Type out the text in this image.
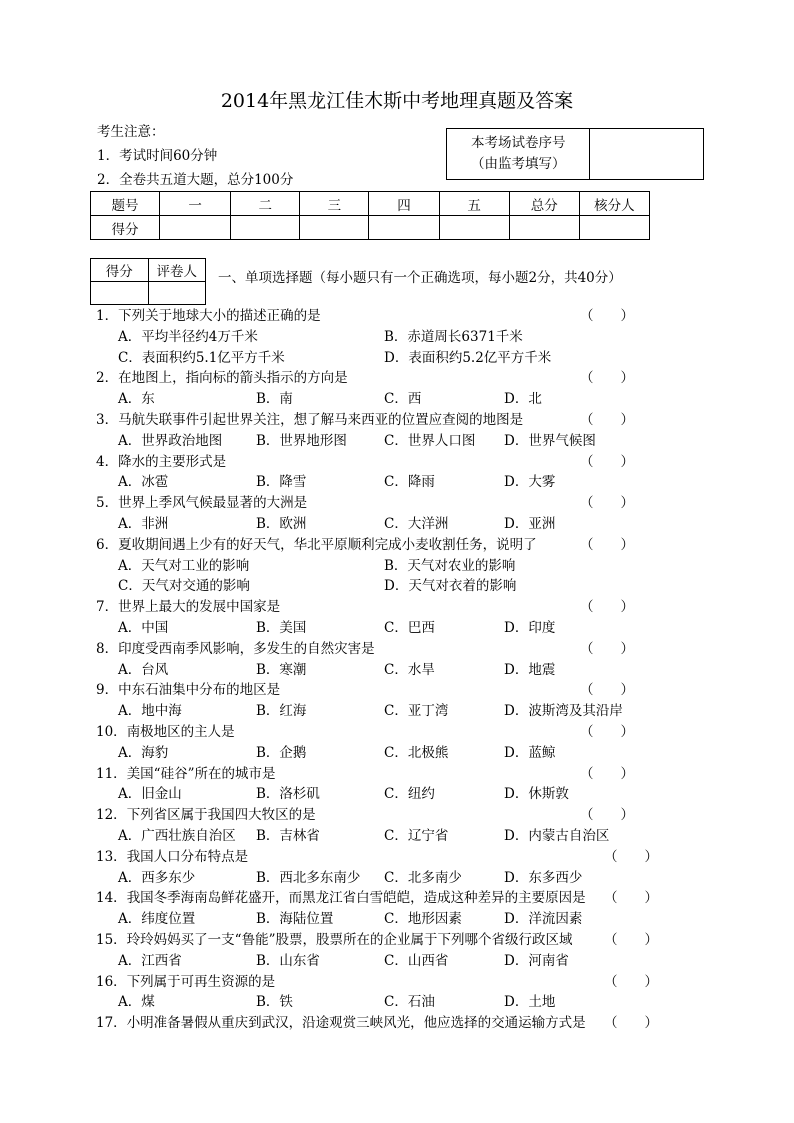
2014年黑龙江佳木斯中考地理真题及答案
考生注意：
1．考试时间60分钟
2．全卷共五道大题，总分100分
本考场试卷序号
（由监考填写）

题号	一	二	三	四	五	总分	核分人
得分							
得分	评卷人
	一、单项选择题（每小题只有一个正确选项，每小题2分，共40分）
1．下列关于地球大小的描述正确的是	（　　）
A．平均半径约4万千米	B．赤道周长6371千米
C．表面积约5.1亿平方千米	D．表面积约5.2亿平方千米
2．在地图上，指向标的箭头指示的方向是	（　　）
A．东	B．南	C．西	D．北
3．马航失联事件引起世界关注，想了解马来西亚的位置应查阅的地图是	（　　）
A．世界政治地图	B．世界地形图	C．世界人口图 D．世界气候图
4．降水的主要形式是	（　　）
A．冰雹	B．降雪	C．降雨	D．大雾
5．世界上季风气候最显著的大洲是	（　　）
A．非洲	B．欧洲	C．大洋洲	D．亚洲
6．夏收期间遇上少有的好天气，华北平原顺利完成小麦收割任务，说明了	（　　）
A．天气对工业的影响	B．天气对农业的影响
C．天气对交通的影响	D．天气对衣着的影响
7．世界上最大的发展中国家是	（　　）
A．中国	B．美国	C．巴西	D．印度
8．印度受西南季风影响，多发生的自然灾害是	（　　）
A．台风	B．寒潮	C．水旱	D．地震
9．中东石油集中分布的地区是	（　　）
A．地中海	B．红海	C．亚丁湾	D．波斯湾及其沿岸
10．南极地区的主人是	（　　）
A．海豹	B．企鹅	C．北极熊	D．蓝鲸
11．美国“硅谷”所在的城市是	（　　）
A．旧金山	B．洛杉矶	C．纽约	D．休斯敦
12．下列省区属于我国四大牧区的是	（　　）
A．广西壮族自治区 B．吉林省	C．辽宁省	D．内蒙古自治区
13．我国人口分布特点是	（　　）
A．西多东少	B．西北多东南少 C．北多南少	D．东多西少
14．我国冬季海南岛鲜花盛开，而黑龙江省白雪皑皑，造成这种差异的主要原因是 （　　）
A．纬度位置	B．海陆位置	C．地形因素	D．洋流因素
15．玲玲妈妈买了一支“鲁能”股票，股票所在的企业属于下列哪个省级行政区域 （　　）
A．江西省	B．山东省	C．山西省	D．河南省
16．下列属于可再生资源的是	（　　）
A．煤	B．铁	C．石油	D．土地
17．小明准备暑假从重庆到武汉，沿途观赏三峡风光，他应选择的交通运输方式是 （　　）
